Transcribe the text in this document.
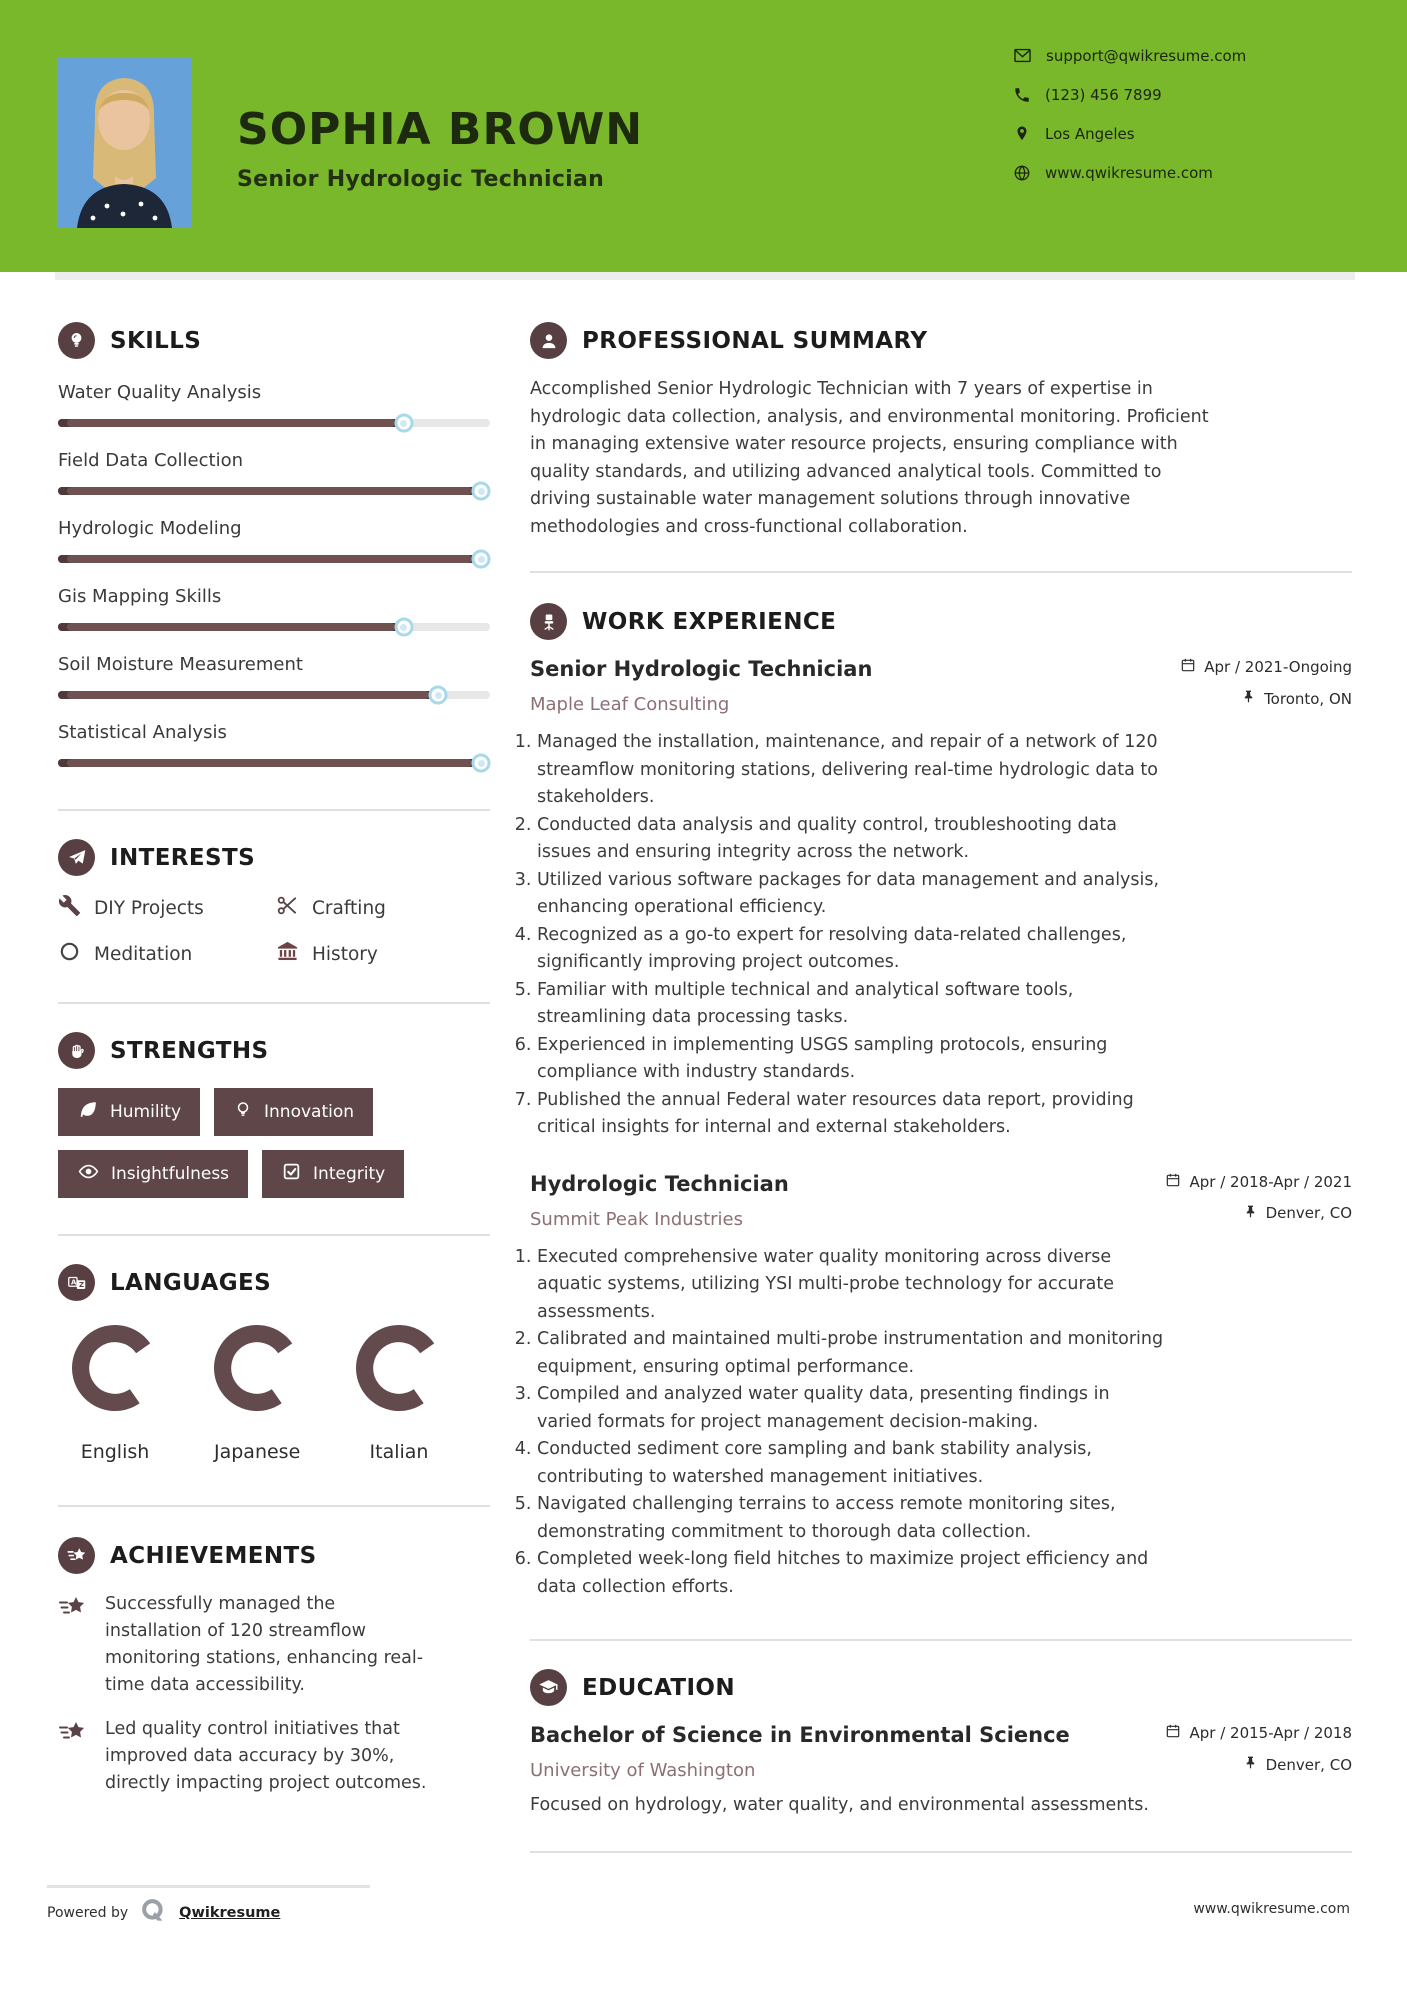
SOPHIA BROWN
Senior Hydrologic Technician
support@qwikresume.com
(123) 456 7899
Los Angeles
www.qwikresume.com
SKILLS
Water Quality Analysis
Field Data Collection
Hydrologic Modeling
Gis Mapping Skills
Soil Moisture Measurement
Statistical Analysis
INTERESTS
DIY Projects	Crafting
Meditation	History
STRENGTHS
Humility	Innovation
Insightfulness	Integrity
A Z LANGUAGES
English	Japanese	Italian
ACHIEVEMENTS
Successfully managed the installation of 120 streamflow monitoring stations, enhancing real-time data accessibility.
Led quality control initiatives that improved data accuracy by 30%, directly impacting project outcomes.
PROFESSIONAL SUMMARY

Accomplished Senior Hydrologic Technician with 7 years of expertise in hydrologic data collection, analysis, and environmental monitoring. Proficient in managing extensive water resource projects, ensuring compliance with quality standards, and utilizing advanced analytical tools. Committed to driving sustainable water management solutions through innovative methodologies and cross-functional collaboration.

WORK EXPERIENCE
Senior Hydrologic Technician
Maple Leaf Consulting
Apr / 2021-Ongoing
Toronto, ON
1. Managed the installation, maintenance, and repair of a network of 120 streamflow monitoring stations, delivering real-time hydrologic data to stakeholders.
2. Conducted data analysis and quality control, troubleshooting data issues and ensuring integrity across the network.
3. Utilized various software packages for data management and analysis, enhancing operational efficiency.
4. Recognized as a go-to expert for resolving data-related challenges, significantly improving project outcomes.
5. Familiar with multiple technical and analytical software tools, streamlining data processing tasks.
6. Experienced in implementing USGS sampling protocols, ensuring compliance with industry standards.
7. Published the annual Federal water resources data report, providing critical insights for internal and external stakeholders.
Hydrologic Technician
Summit Peak Industries
Apr / 2018-Apr / 2021
Denver, CO
1. Executed comprehensive water quality monitoring across diverse aquatic systems, utilizing YSI multi-probe technology for accurate assessments.
2. Calibrated and maintained multi-probe instrumentation and monitoring equipment, ensuring optimal performance.
3. Compiled and analyzed water quality data, presenting findings in varied formats for project management decision-making.
4. Conducted sediment core sampling and bank stability analysis, contributing to watershed management initiatives.
5. Navigated challenging terrains to access remote monitoring sites, demonstrating commitment to thorough data collection.
6. Completed week-long field hitches to maximize project efficiency and data collection efforts.
EDUCATION
Bachelor of Science in Environmental Science
University of Washington
Apr / 2015-Apr / 2018
Denver, CO

Focused on hydrology, water quality, and environmental assessments.

Powered by	Qwikresume	www.qwikresume.com
